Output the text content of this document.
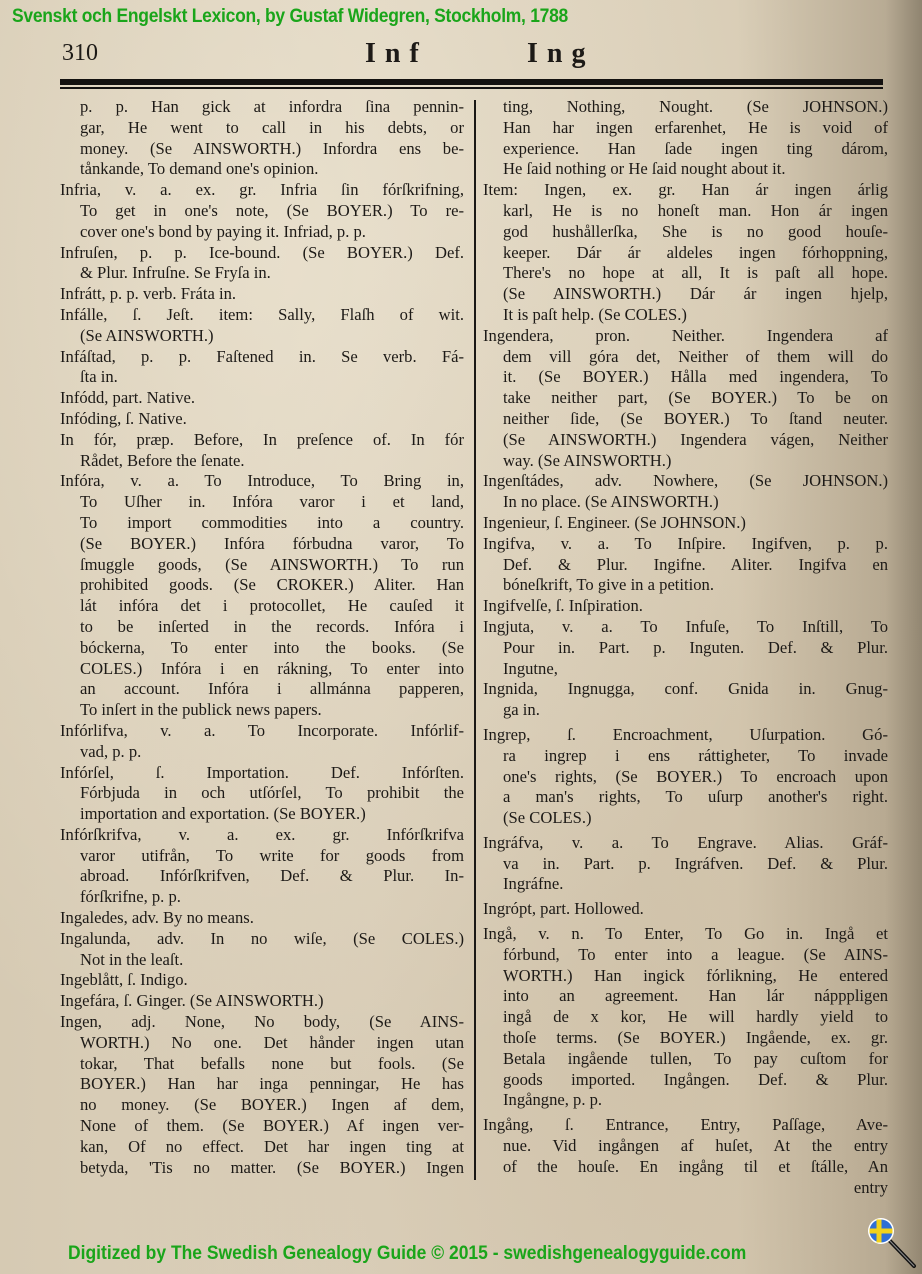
Svenskt och Engelskt Lexicon, by Gustaf Widegren, Stockholm, 1788
310	Inf	Ing
p. p. Han gick at infordra ſina pennin-
gar, He went to call in his debts, or
money. (Se AINSWORTH.) Infordra ens be-
tånkande, To demand one's opinion.
Infria, v. a. ex. gr. Infria ſin fórſkrifning,
To get in one's note, (Se BOYER.) To re-
cover one's bond by paying it. Infriad, p. p.
Infruſen, p. p. Ice-bound. (Se BOYER.) Def.
& Plur. Infruſne. Se Fryſa in.
Infrátt, p. p. verb. Fráta in.
Infálle, ſ. Jeſt. item: Sally, Flaſh of wit.
(Se AINSWORTH.)
Infáſtad, p. p. Faſtened in. Se verb. Fá-
ſta in.
Infódd, part. Native.
Infóding, ſ. Native.
In fór, præp. Before, In preſence of. In fór
Rådet, Before the ſenate.
Infóra, v. a. To Introduce, To Bring in,
To Uſher in. Infóra varor i et land,
To import commodities into a country.
(Se BOYER.) Infóra fórbudna varor, To
ſmuggle goods, (Se AINSWORTH.) To run
prohibited goods. (Se CROKER.) Aliter. Han
lát infóra det i protocollet, He cauſed it
to be inſerted in the records. Infóra i
bóckerna, To enter into the books. (Se
COLES.) Infóra i en rákning, To enter into
an account. Infóra i allmánna papperen,
To inſert in the publick news papers.
Infórlifva, v. a. To Incorporate. Infórlif-
vad, p. p.
Infórſel, ſ. Importation. Def. Infórſten.
Fórbjuda in och utſórſel, To prohibit the
importation and exportation. (Se BOYER.)
Infórſkrifva, v. a. ex. gr. Infórſkrifva
varor utifrån, To write for goods from
abroad. Infórſkrifven, Def. & Plur. In-
fórſkrifne, p. p.
Ingaledes, adv. By no means.
Ingalunda, adv. In no wiſe, (Se COLES.)
Not in the leaſt.
Ingeblått, ſ. Indigo.
Ingefára, ſ. Ginger. (Se AINSWORTH.)
Ingen, adj. None, No body, (Se AINS-
WORTH.) No one. Det hånder ingen utan
tokar, That befalls none but fools. (Se
BOYER.) Han har inga penningar, He has
no money. (Se BOYER.) Ingen af dem,
None of them. (Se BOYER.) Af ingen ver-
kan, Of no effect. Det har ingen ting at
betyda, 'Tis no matter. (Se BOYER.) Ingen
ting, Nothing, Nought. (Se JOHNSON.)
Han har ingen erfarenhet, He is void of
experience. Han ſade ingen ting dárom,
He ſaid nothing or He ſaid nought about it.
Item: Ingen, ex. gr. Han ár ingen árlig
karl, He is no honeſt man. Hon ár ingen
god hushållerſka, She is no good houſe-
keeper. Dár ár aldeles ingen fórhoppning,
There's no hope at all, It is paſt all hope.
(Se AINSWORTH.) Dár ár ingen hjelp,
It is paſt help. (Se COLES.)
Ingendera, pron. Neither. Ingendera af
dem vill góra det, Neither of them will do
it. (Se BOYER.) Hålla med ingendera, To
take neither part, (Se BOYER.) To be on
neither ſide, (Se BOYER.) To ſtand neuter.
(Se AINSWORTH.) Ingendera vágen, Neither
way. (Se AINSWORTH.)
Ingenſtádes, adv. Nowhere, (Se JOHNSON.)
In no place. (Se AINSWORTH.)
Ingenieur, ſ. Engineer. (Se JOHNSON.)
Ingifva, v. a. To Inſpire. Ingifven, p. p.
Def. & Plur. Ingifne. Aliter. Ingifva en
bóneſkrift, To give in a petition.
Ingifvelſe, ſ. Inſpiration.
Ingjuta, v. a. To Infuſe, To Inſtill, To
Pour in. Part. p. Inguten. Def. & Plur.
Ingutne,
Ingnida, Ingnugga, conf. Gnida in. Gnug-
ga in.
Ingrep, ſ. Encroachment, Uſurpation. Gó-
ra ingrep i ens ráttigheter, To invade
one's rights, (Se BOYER.) To encroach upon
a man's rights, To uſurp another's right.
(Se COLES.)
Ingráfva, v. a. To Engrave. Alias. Gráf-
va in. Part. p. Ingráfven. Def. & Plur.
Ingráfne.
Ingrópt, part. Hollowed.
Ingå, v. n. To Enter, To Go in. Ingå et
fórbund, To enter into a league. (Se AINS-
WORTH.) Han ingick fórlikning, He entered
into an agreement. Han lár nápppligen
ingå de x kor, He will hardly yield to
thoſe terms. (Se BOYER.) Ingående, ex. gr.
Betala ingående tullen, To pay cuſtom for
goods imported. Ingången. Def. & Plur.
Ingångne, p. p.
Ingång, ſ. Entrance, Entry, Paſſage, Ave-
nue. Vid ingången af huſet, At the entry
of the houſe. En ingång til et ſtálle, An
entry
Digitized by The Swedish Genealogy Guide © 2015 - swedishgenealogyguide.com
